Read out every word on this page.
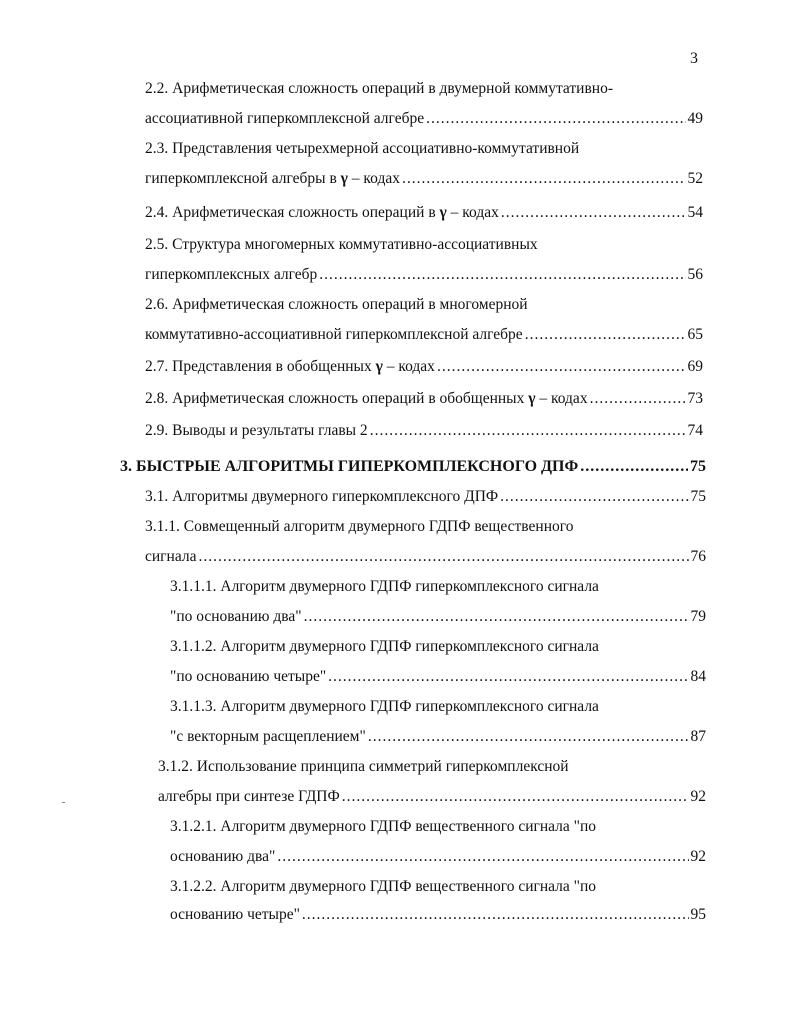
3
2.2. Арифметическая сложность операций в двумерной коммутативно-
ассоциативной гиперкомплексной алгебре .....	49
2.3. Представления четырехмерной ассоциативно-коммутативной
гиперкомплексной алгебры в γ – кодах .....	52
2.4. Арифметическая сложность операций в γ – кодах .....	54
2.5. Структура многомерных коммутативно-ассоциативных
гиперкомплексных алгебр .....	56
2.6. Арифметическая сложность операций в многомерной
коммутативно-ассоциативной гиперкомплексной алгебре .....	65
2.7. Представления в обобщенных γ – кодах .....	69
2.8. Арифметическая сложность операций в обобщенных γ – кодах .....	73
2.9. Выводы и результаты главы 2 .....	74
3. БЫСТРЫЕ АЛГОРИТМЫ ГИПЕРКОМПЛЕКСНОГО ДПФ .....	75
3.1. Алгоритмы двумерного гиперкомплексного ДПФ .....	75
3.1.1. Совмещенный алгоритм двумерного ГДПФ вещественного
сигнала .....	76
3.1.1.1. Алгоритм двумерного ГДПФ гиперкомплексного сигнала
"по основанию два" .....	79
3.1.1.2. Алгоритм двумерного ГДПФ гиперкомплексного сигнала
"по основанию четыре" .....	84
3.1.1.3. Алгоритм двумерного ГДПФ гиперкомплексного сигнала
"с векторным расщеплением" .....	87
3.1.2. Использование принципа симметрий гиперкомплексной
алгебры при синтезе ГДПФ .....	92
3.1.2.1. Алгоритм двумерного ГДПФ вещественного сигнала "по
основанию два" .....	92
3.1.2.2. Алгоритм двумерного ГДПФ вещественного сигнала "по
основанию четыре" .....	95
